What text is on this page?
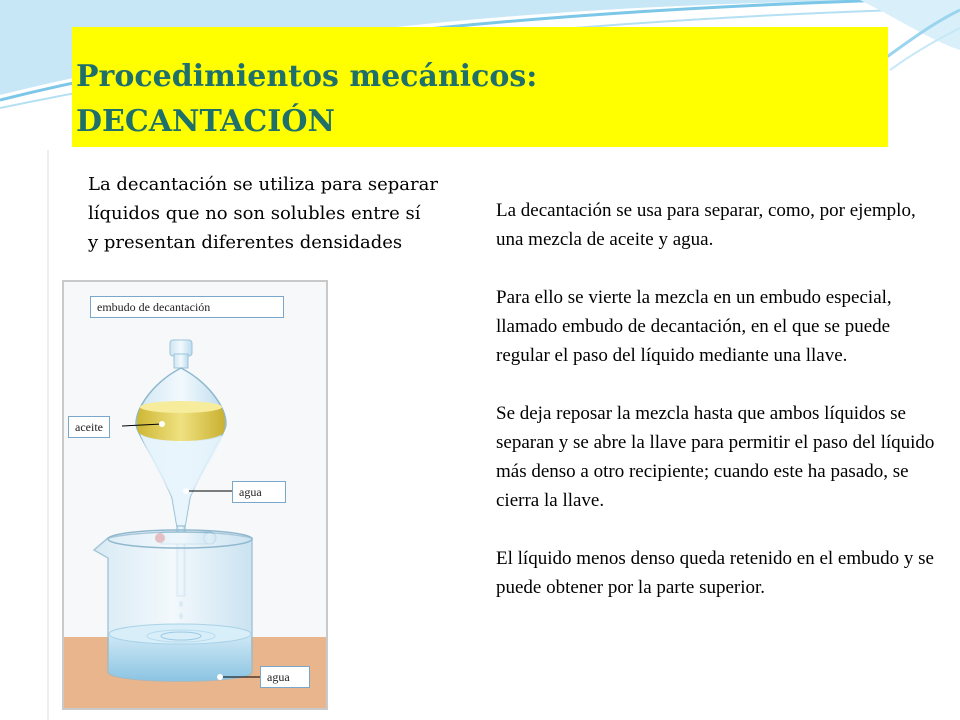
Procedimientos mecánicos:
DECANTACIÓN
La decantación se utiliza para separar
líquidos que no son solubles entre sí
y presentan diferentes densidades

La decantación se usa para separar, como, por ejemplo, una mezcla de aceite y agua.

Para ello se vierte la mezcla en un embudo especial, llamado embudo de decantación, en el que se puede regular el paso del líquido mediante una llave.

Se deja reposar la mezcla hasta que ambos líquidos se separan y se abre la llave para permitir el paso del líquido más denso a otro recipiente; cuando este ha pasado, se cierra la llave.

El líquido menos denso queda retenido en el embudo y se puede obtener por la parte superior.

embudo de decantación
aceite
agua
agua
